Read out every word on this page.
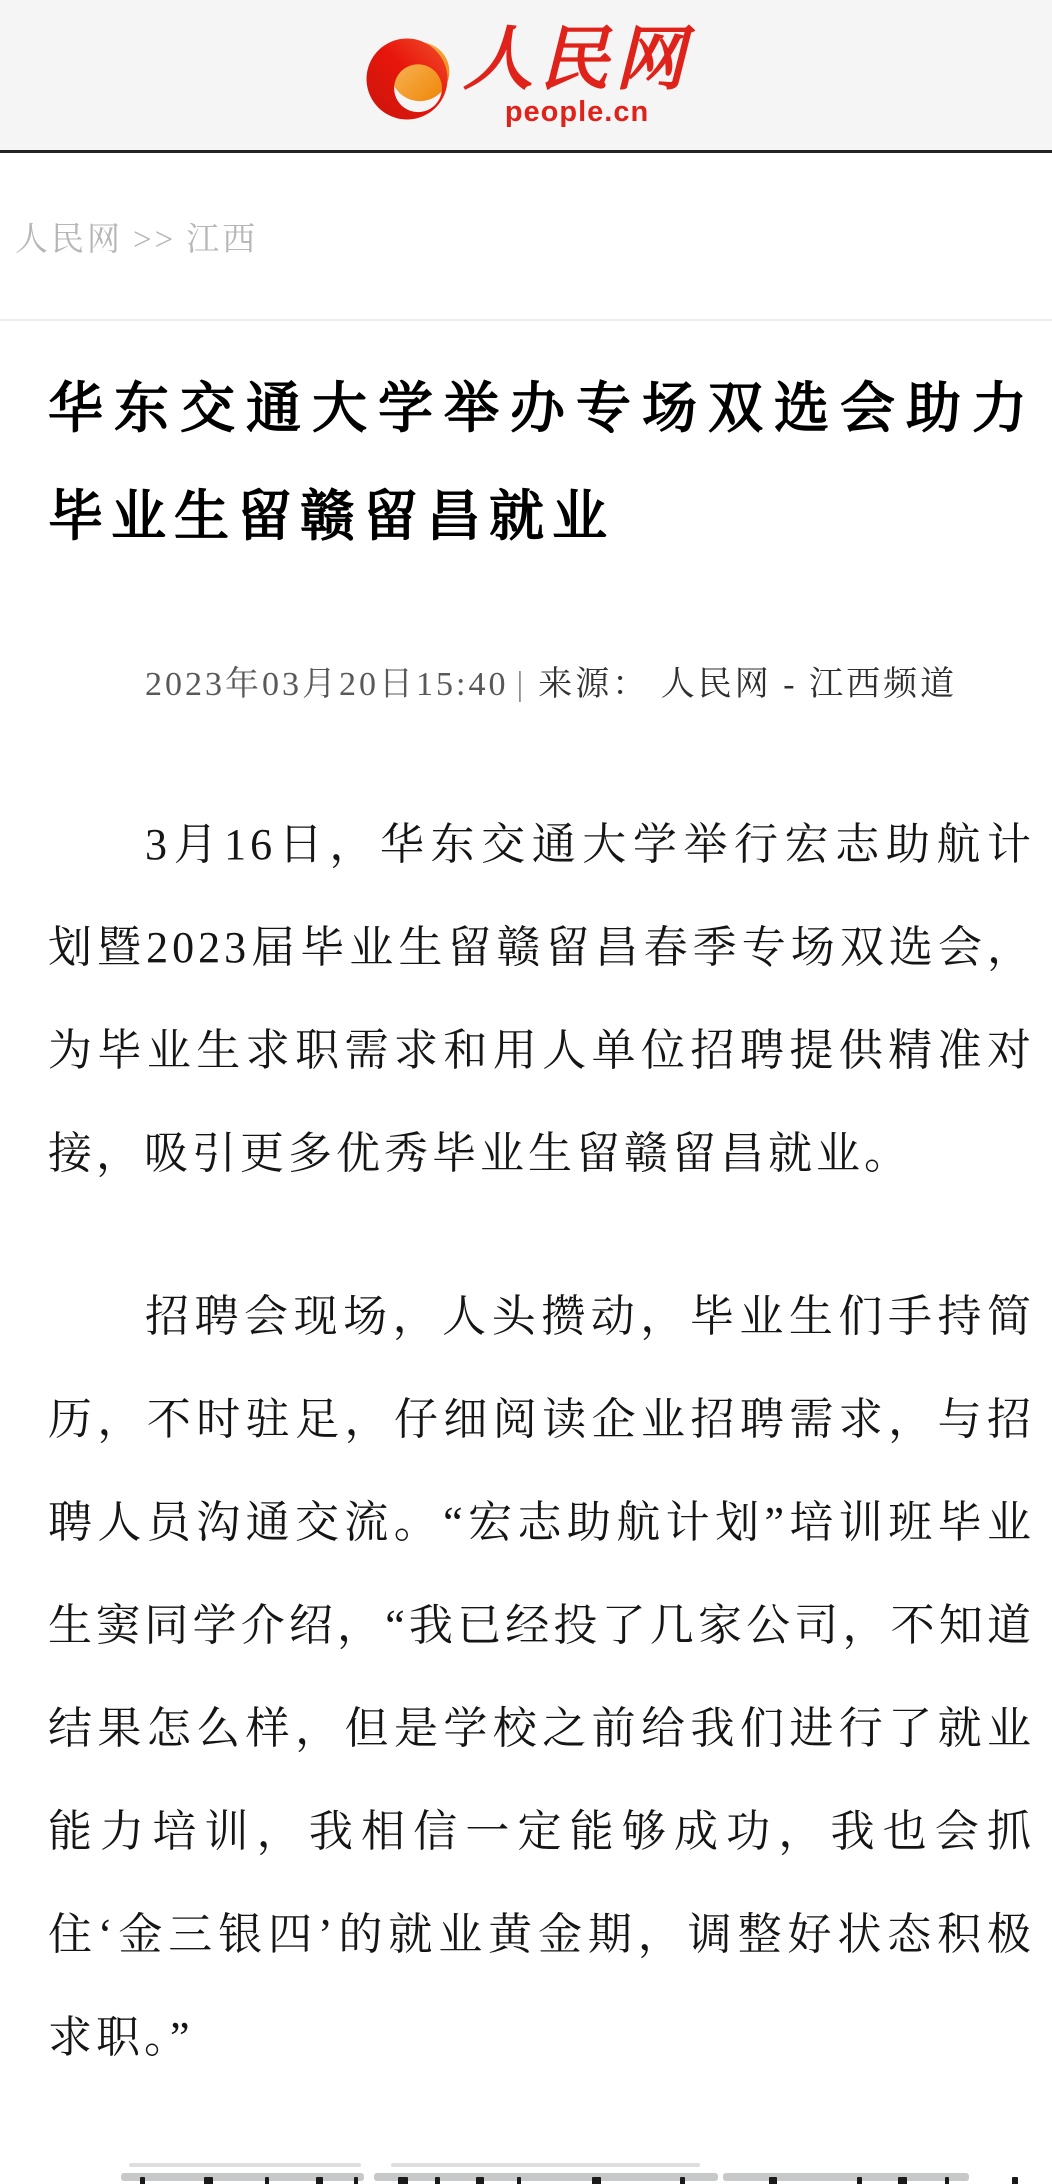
人民网
people.cn
人民网 >> 江西
华东交通大学举办专场双选会助力毕业生留赣留昌就业
2023年03月20日15:40 | 来源： 人民网 - 江西频道

3月16日，华东交通大学举行宏志助航计划暨2023届毕业生留赣留昌春季专场双选会，为毕业生求职需求和用人单位招聘提供精准对接，吸引更多优秀毕业生留赣留昌就业。

招聘会现场，人头攒动，毕业生们手持简历，不时驻足，仔细阅读企业招聘需求，与招聘人员沟通交流。“宏志助航计划”培训班毕业生窦同学介绍，“我已经投了几家公司，不知道结果怎么样，但是学校之前给我们进行了就业能力培训，我相信一定能够成功，我也会抓住‘金三银四’的就业黄金期，调整好状态积极求职。”
